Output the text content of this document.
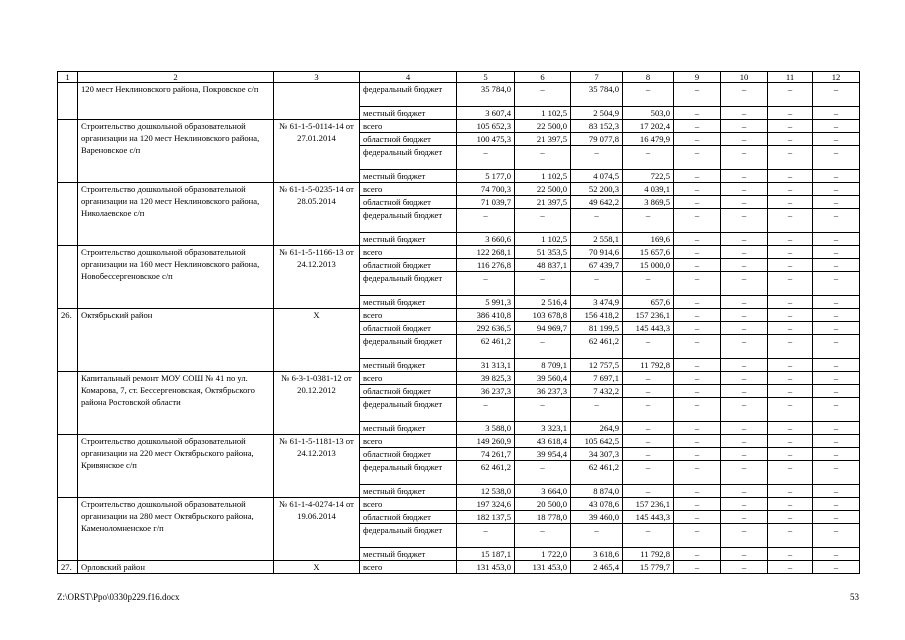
1	2	3	4	5	6	7	8	9	10	11	12
	120 мест Неклиновского района, Покровское с/п		федеральный бюджет	35 784,0	–	35 784,0	–	–	–	–	–
			местный бюджет	3 607,4	1 102,5	2 504,9	503,0	–	–	–	–
	Строительство дошкольной образовательной организации на 120 мест Неклиновского района, Вареновское с/п	№ 61-1-5-0114-14 от 27.01.2014	всего	105 652,3	22 500,0	83 152,3	17 202,4	–	–	–	–
			областной бюджет	100 475,3	21 397,5	79 077,8	16 479,9	–	–	–	–
			федеральный бюджет	–	–	–	–	–	–	–	–
			местный бюджет	5 177,0	1 102,5	4 074,5	722,5	–	–	–	–
	Строительство дошкольной образовательной организации на 120 мест Неклиновского района, Николаевское с/п	№ 61-1-5-0235-14 от 28.05.2014	всего	74 700,3	22 500,0	52 200,3	4 039,1	–	–	–	–
			областной бюджет	71 039,7	21 397,5	49 642,2	3 869,5	–	–	–	–
			федеральный бюджет	–	–	–	–	–	–	–	–
			местный бюджет	3 660,6	1 102,5	2 558,1	169,6	–	–	–	–
	Строительство дошкольной образовательной организации на 160 мест Неклиновского района, Новобессергеновское с/п	№ 61-1-5-1166-13 от 24.12.2013	всего	122 268,1	51 353,5	70 914,6	15 657,6	–	–	–	–
			областной бюджет	116 276,8	48 837,1	67 439,7	15 000,0	–	–	–	–
			федеральный бюджет	–	–	–	–	–	–	–	–
			местный бюджет	5 991,3	2 516,4	3 474,9	657,6	–	–	–	–
26.	Октябрьский район	Х	всего	386 410,8	103 678,8	156 418,2	157 236,1	–	–	–	–
			областной бюджет	292 636,5	94 969,7	81 199,5	145 443,3	–	–	–	–
			федеральный бюджет	62 461,2	–	62 461,2	–	–	–	–	–
			местный бюджет	31 313,1	8 709,1	12 757,5	11 792,8	–	–	–	–
	Капитальный ремонт МОУ СОШ № 41 по ул. Комарова, 7, ст. Бессергеновская, Октябрьского района Ростовской области	№ 6-3-1-0381-12 от 20.12.2012	всего	39 825,3	39 560,4	7 697,1	–	–	–	–	–
			областной бюджет	36 237,3	36 237,3	7 432,2	–	–	–	–	–
			федеральный бюджет	–	–	–	–	–	–	–	–
			местный бюджет	3 588,0	3 323,1	264,9	–	–	–	–	–
	Строительство дошкольной образовательной организации на 220 мест Октябрьского района, Кривянское с/п	№ 61-1-5-1181-13 от 24.12.2013	всего	149 260,9	43 618,4	105 642,5	–	–	–	–	–
			областной бюджет	74 261,7	39 954,4	34 307,3	–	–	–	–	–
			федеральный бюджет	62 461,2	–	62 461,2	–	–	–	–	–
			местный бюджет	12 538,0	3 664,0	8 874,0	–	–	–	–	–
	Строительство дошкольной образовательной организации на 280 мест Октябрьского района, Каменоломненское г/п	№ 61-1-4-0274-14 от 19.06.2014	всего	197 324,6	20 500,0	43 078,6	157 236,1	–	–	–	–
			областной бюджет	182 137,5	18 778,0	39 460,0	145 443,3	–	–	–	–
			федеральный бюджет	–	–	–	–	–	–	–	–
			местный бюджет	15 187,1	1 722,0	3 618,6	11 792,8	–	–	–	–
27.	Орловский район	Х	всего	131 453,0	131 453,0	2 465,4	15 779,7	–	–	–	–
Z:\ORST\Ppo\0330p229.f16.docx	53
